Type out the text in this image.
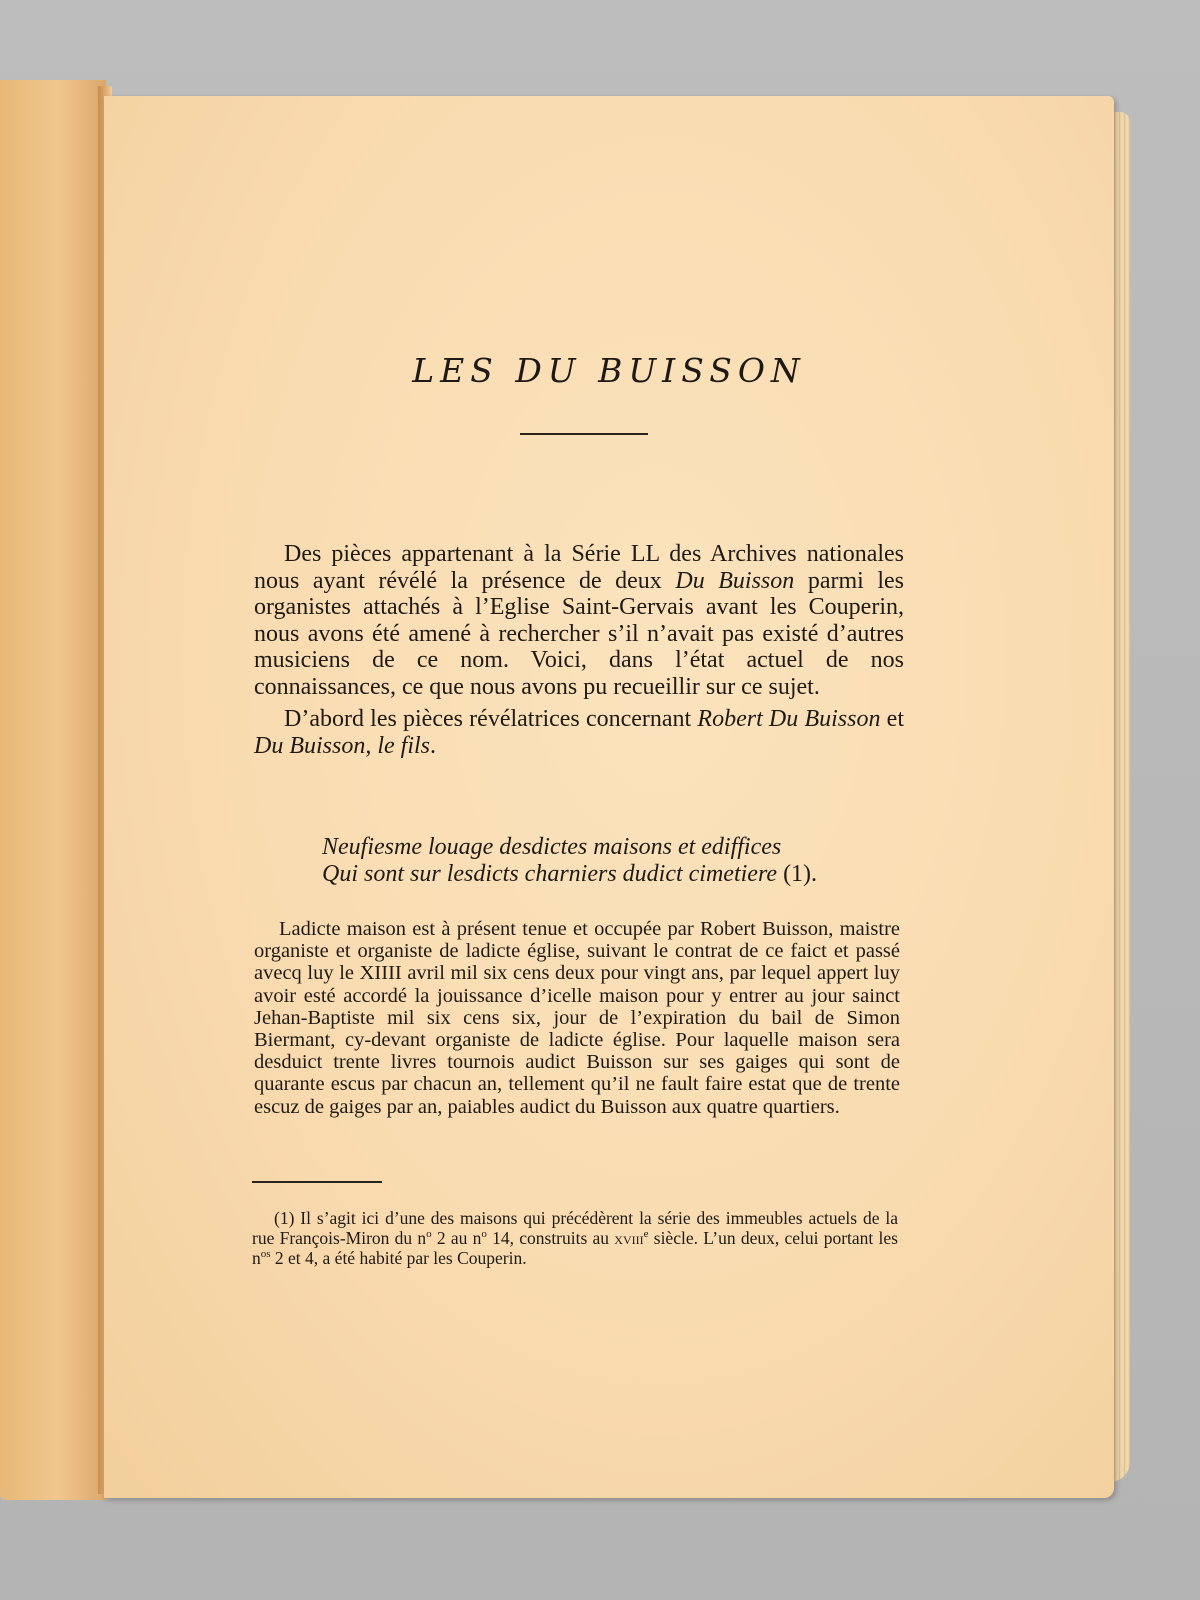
LES DU BUISSON

Des pièces appartenant à la Série LL des Archives nationales nous ayant révélé la présence de deux Du Buisson parmi les organistes attachés à l’Eglise Saint-Gervais avant les Couperin, nous avons été amené à rechercher s’il n’avait pas existé d’autres musiciens de ce nom. Voici, dans l’état actuel de nos connaissances, ce que nous avons pu recueillir sur ce sujet.

D’abord les pièces révélatrices concernant Robert Du Buisson et Du Buisson, le fils.

Neufiesme louage desdictes maisons et ediffices
Qui sont sur lesdicts charniers dudict cimetiere (1).

Ladicte maison est à présent tenue et occupée par Robert Buisson, maistre organiste et organiste de ladicte église, suivant le contrat de ce faict et passé avecq luy le XIIII avril mil six cens deux pour vingt ans, par lequel appert luy avoir esté accordé la jouissance d’icelle maison pour y entrer au jour sainct Jehan-Baptiste mil six cens six, jour de l’expiration du bail de Simon Biermant, cy-devant organiste de ladicte église. Pour laquelle maison sera desduict trente livres tournois audict Buisson sur ses gaiges qui sont de quarante escus par chacun an, tellement qu’il ne fault faire estat que de trente escuz de gaiges par an, paiables audict du Buisson aux quatre quartiers.

(1) Il s’agit ici d’une des maisons qui précédèrent la série des immeubles actuels de la rue François-Miron du $n^o$ 2 au $n^o$ 14, construits au xviii$^e$ siècle. L’un deux, celui portant les $n^{os}$ 2 et 4, a été habité par les Couperin.
